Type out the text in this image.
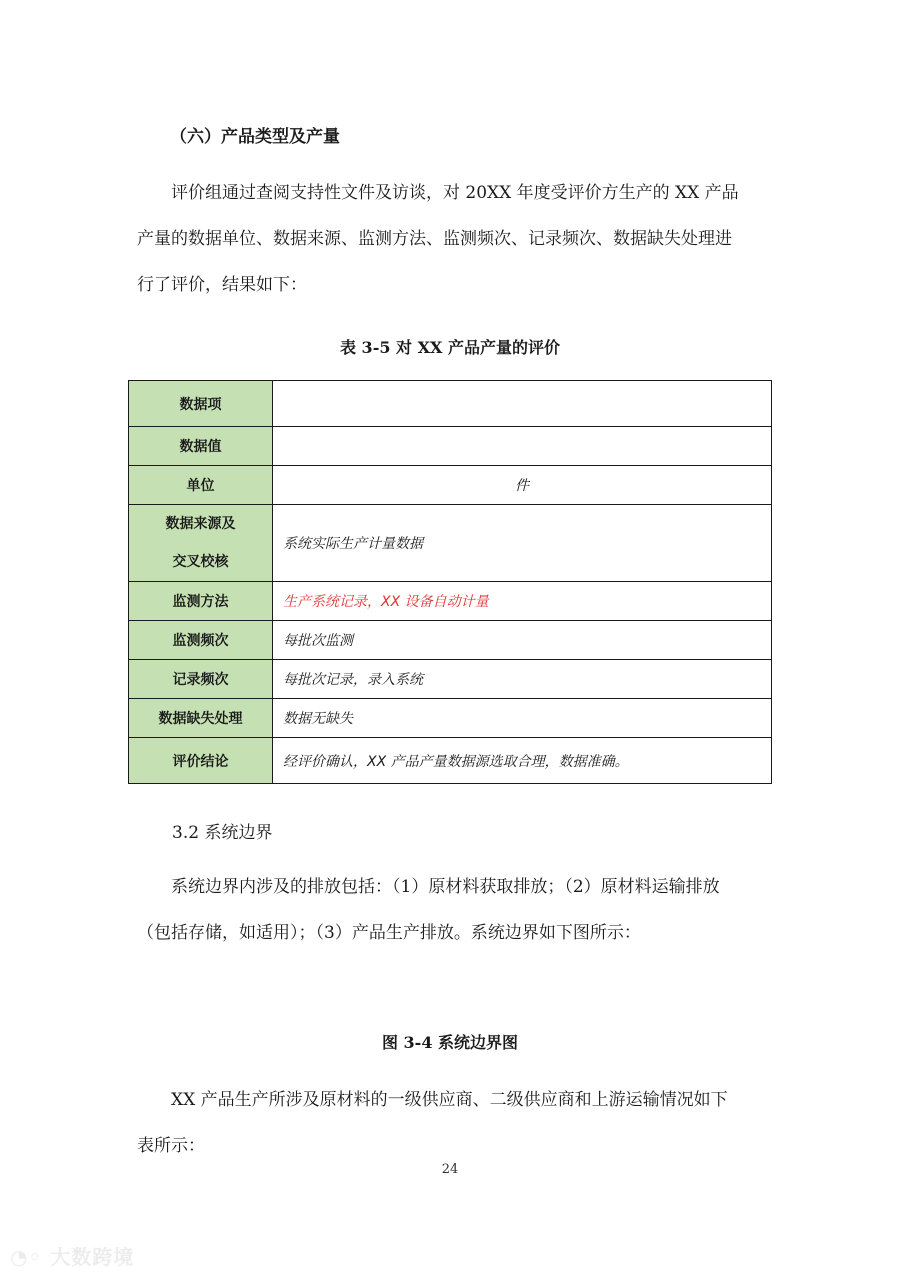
（六）产品类型及产量
评价组通过查阅支持性文件及访谈，对 20XX 年度受评价方生产的 XX 产品
产量的数据单位、数据来源、监测方法、监测频次、记录频次、数据缺失处理进
行了评价，结果如下：
表 3-5 对 XX 产品产量的评价
数据项	
数据值	
单位	件

数据来源及
交叉校核	系统实际生产计量数据
监测方法	生产系统记录，XX 设备自动计量
监测频次	每批次监测
记录频次	每批次记录，录入系统
数据缺失处理	数据无缺失
评价结论	经评价确认，XX 产品产量数据源选取合理，数据准确。
3.2 系统边界
系统边界内涉及的排放包括：（1）原材料获取排放；（2）原材料运输排放
（包括存储，如适用）；（3）产品生产排放。系统边界如下图所示：
图 3-4 系统边界图
XX 产品生产所涉及原材料的一级供应商、二级供应商和上游运输情况如下
表所示：
24
◔◦ 大数跨境
